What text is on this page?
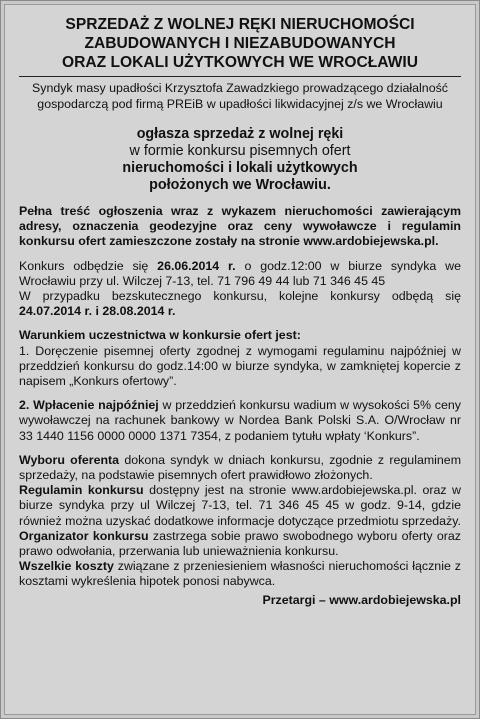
SPRZEDAŻ Z WOLNEJ RĘKI NIERUCHOMOŚCI
ZABUDOWANYCH I NIEZABUDOWANYCH
ORAZ LOKALI UŻYTKOWYCH WE WROCŁAWIU
Syndyk masy upadłości Krzysztofa Zawadzkiego prowadzącego działalność
gospodarczą pod firmą PREiB w upadłości likwidacyjnej z/s we Wrocławiu
ogłasza sprzedaż z wolnej ręki
w formie konkursu pisemnych ofert
nieruchomości i lokali użytkowych
położonych we Wrocławiu.

Pełna treść ogłoszenia wraz z wykazem nieruchomości zawierającym adresy, oznaczenia geodezyjne oraz ceny wywoławcze i regulamin konkursu ofert zamieszczone zostały na stronie www.ardobiejewska.pl.

Konkurs odbędzie się 26.06.2014 r. o godz.12:00 w biurze syndyka we Wrocławiu przy ul. Wilczej 7-13, tel. 71 796 49 44 lub 71 346 45 45

W przypadku bezskutecznego konkursu, kolejne konkursy odbędą się 24.07.2014 r. i 28.08.2014 r.

Warunkiem uczestnictwa w konkursie ofert jest:

1. Doręczenie pisemnej oferty zgodnej z wymogami regulaminu najpóźniej w przeddzień konkursu do godz.14:00 w biurze syndyka, w zamkniętej kopercie z napisem „Konkurs ofertowy”.

2. Wpłacenie najpóźniej w przeddzień konkursu wadium w wysokości 5% ceny wywoławczej na rachunek bankowy w Nordea Bank Polski S.A. O/Wrocław nr 33 1440 1156 0000 0000 1371 7354, z podaniem tytułu wpłaty ‘Konkurs”.

Wyboru oferenta dokona syndyk w dniach konkursu, zgodnie z regulaminem sprzedaży, na podstawie pisemnych ofert prawidłowo złożonych.

Regulamin konkursu dostępny jest na stronie www.ardobiejewska.pl. oraz w biurze syndyka przy ul Wilczej 7-13, tel. 71 346 45 45 w godz. 9-14, gdzie również można uzyskać dodatkowe informacje dotyczące przedmiotu sprzedaży.

Organizator konkursu zastrzega sobie prawo swobodnego wyboru oferty oraz prawo odwołania, przerwania lub unieważnienia konkursu.

Wszelkie koszty związane z przeniesieniem własności nieruchomości łącznie z kosztami wykreślenia hipotek ponosi nabywca.

Przetargi – www.ardobiejewska.pl
